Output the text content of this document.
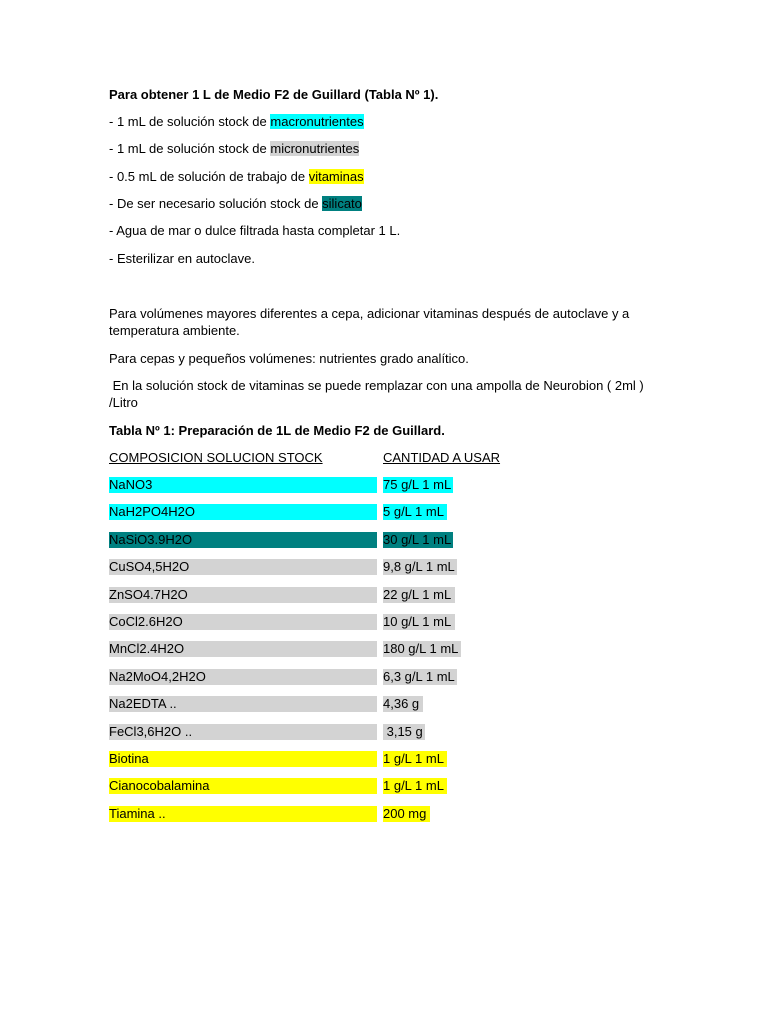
Para obtener 1 L de Medio F2 de Guillard (Tabla Nº 1).
- 1 mL de solución stock de macronutrientes
- 1 mL de solución stock de micronutrientes
- 0.5 mL de solución de trabajo de vitaminas
- De ser necesario solución stock de silicato
- Agua de mar o dulce filtrada hasta completar 1 L.
- Esterilizar en autoclave.
Para volúmenes mayores diferentes a cepa, adicionar vitaminas después de autoclave y a temperatura ambiente.
Para cepas y pequeños volúmenes: nutrientes grado analítico.
En la solución stock de vitaminas se puede remplazar con una ampolla de Neurobion ( 2ml ) /Litro
Tabla Nº 1: Preparación de 1L de Medio F2 de Guillard.
COMPOSICION SOLUCION STOCK	CANTIDAD A USAR
NaNO3	75 g/L 1 mL
NaH2PO4H2O	5 g/L 1 mL
NaSiO3.9H2O	30 g/L 1 mL
CuSO4,5H2O	9,8 g/L 1 mL
ZnSO4.7H2O	22 g/L 1 mL
CoCl2.6H2O	10 g/L 1 mL
MnCl2.4H2O	180 g/L 1 mL
Na2MoO4,2H2O	6,3 g/L 1 mL
Na2EDTA ..	4,36 g
FeCl3,6H2O ..	3,15 g
Biotina	1 g/L 1 mL
Cianocobalamina	1 g/L 1 mL
Tiamina ..	200 mg
